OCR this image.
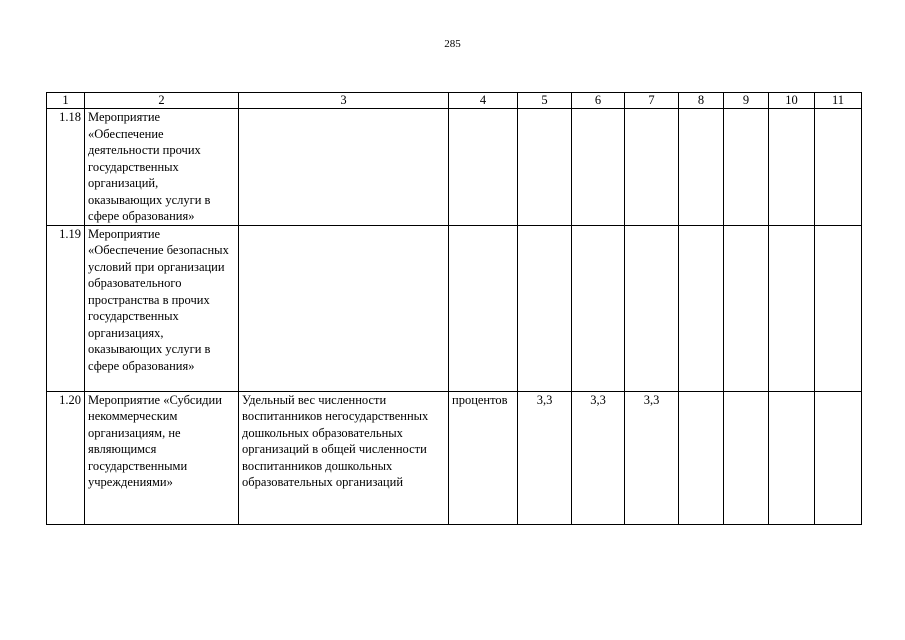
285
1	2	3	4	5	6	7	8	9	10	11
1.18	Мероприятие «Обеспечение деятельности прочих государственных организаций, оказывающих услуги в сфере образования»									
1.19	Мероприятие «Обеспечение безопасных условий при организации образовательного пространства в прочих государственных организациях, оказывающих услуги в сфере образования»									
1.20	Мероприятие «Субсидии некоммерческим организациям, не являющимся государственными учреждениями»	Удельный вес численности воспитанников негосударственных дошкольных образовательных организаций в общей численности воспитанников дошкольных образовательных организаций	процентов	3,3	3,3	3,3				
